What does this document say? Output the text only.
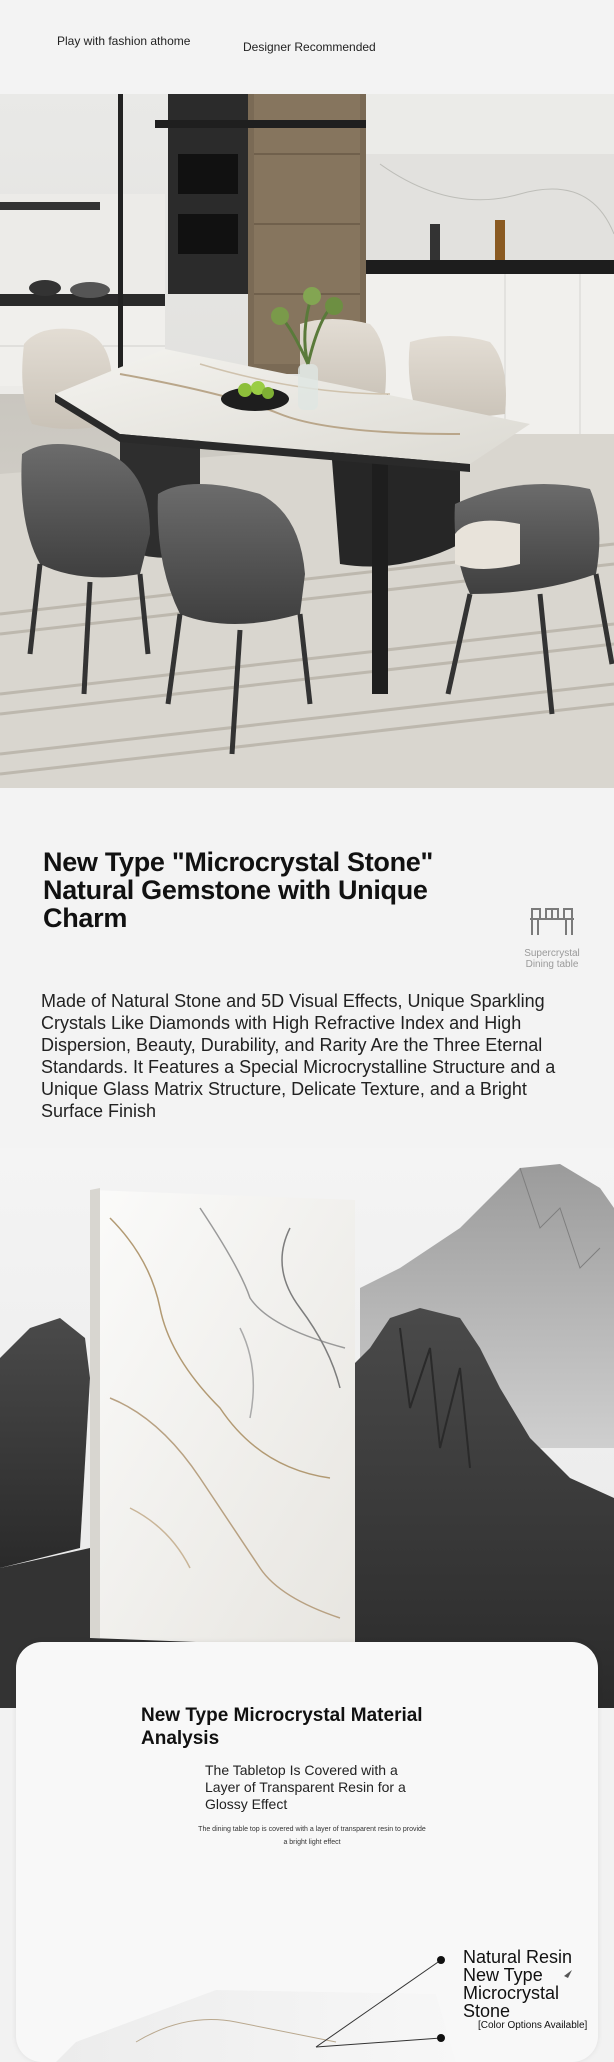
Play with fashion athome	Designer Recommended
New Type "Microcrystal Stone" Natural Gemstone with Unique Charm
Supercrystal Dining table
Made of Natural Stone and 5D Visual Effects, Unique Sparkling Crystals Like Diamonds with High Refractive Index and High Dispersion, Beauty, Durability, and Rarity Are the Three Eternal Standards. It Features a Special Microcrystalline Structure and a Unique Glass Matrix Structure, Delicate Texture, and a Bright Surface Finish
New Type Microcrystal Material Analysis
The Tabletop Is Covered with a Layer of Transparent Resin for a Glossy Effect
The dining table top is covered with a layer of transparent resin to provide a bright light effect
Natural Resin New Type Microcrystal Stone
[Color Options Available]
